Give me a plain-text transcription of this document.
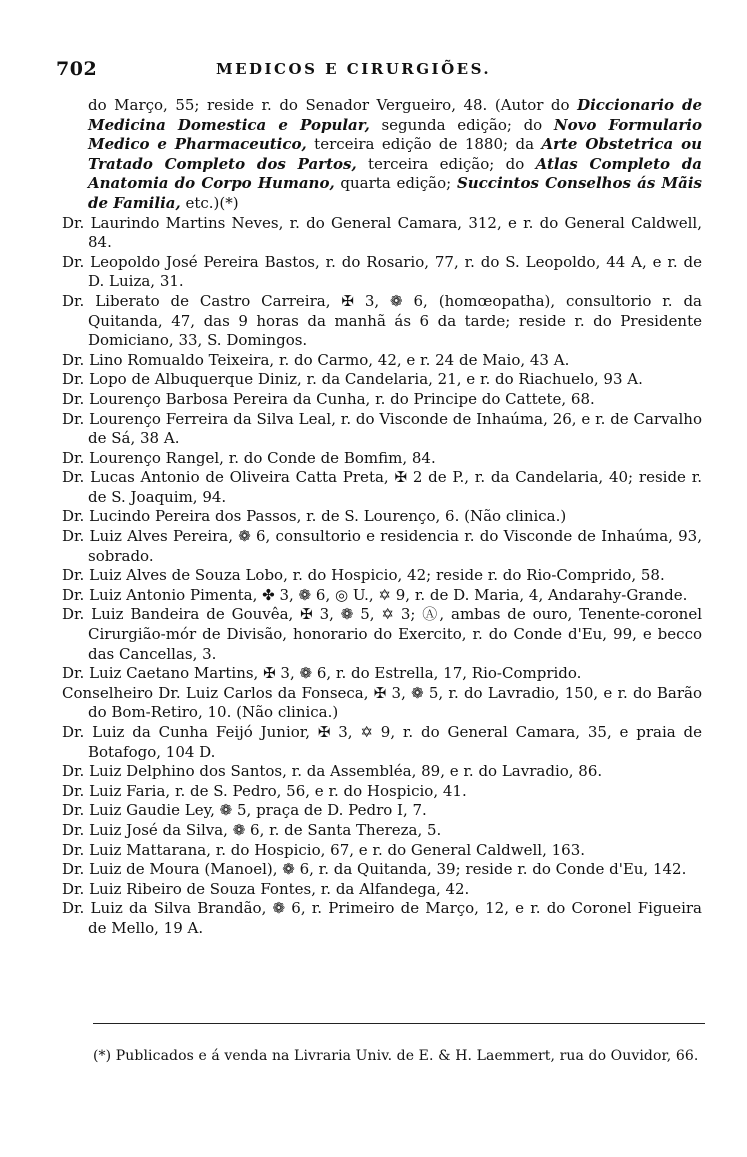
702	MEDICOS E CIRURGIÕES.

do Março, 55; reside r. do Senador Vergueiro, 48. (Autor do Diccionario de Medicina Domestica e Popular, segunda edição; do Novo Formulario Medico e Pharmaceutico, terceira edição de 1880; da Arte Obstetrica ou Tratado Completo dos Partos, terceira edição; do Atlas Completo da Anatomia do Corpo Humano, quarta edição; Succintos Conselhos ás Mãis de Familia, etc.)(*)

Dr. Laurindo Martins Neves, r. do General Camara, 312, e r. do General Caldwell, 84.

Dr. Leopoldo José Pereira Bastos, r. do Rosario, 77, r. do S. Leopoldo, 44 A, e r. de D. Luiza, 31.

Dr. Liberato de Castro Carreira, ✠ 3, ❁ 6, (homœopatha), consultorio r. da Quitanda, 47, das 9 horas da manhã ás 6 da tarde; reside r. do Presidente Domiciano, 33, S. Domingos.

Dr. Lino Romualdo Teixeira, r. do Carmo, 42, e r. 24 de Maio, 43 A.

Dr. Lopo de Albuquerque Diniz, r. da Candelaria, 21, e r. do Riachuelo, 93 A.

Dr. Lourenço Barbosa Pereira da Cunha, r. do Principe do Cattete, 68.

Dr. Lourenço Ferreira da Silva Leal, r. do Visconde de Inhaúma, 26, e r. de Carvalho de Sá, 38 A.

Dr. Lourenço Rangel, r. do Conde de Bomfim, 84.

Dr. Lucas Antonio de Oliveira Catta Preta, ✠ 2 de P., r. da Candelaria, 40; reside r. de S. Joaquim, 94.

Dr. Lucindo Pereira dos Passos, r. de S. Lourenço, 6. (Não clinica.)

Dr. Luiz Alves Pereira, ❁ 6, consultorio e residencia r. do Visconde de Inhaúma, 93, sobrado.

Dr. Luiz Alves de Souza Lobo, r. do Hospicio, 42; reside r. do Rio-Comprido, 58.

Dr. Luiz Antonio Pimenta, ✤ 3, ❁ 6, ◎ U., ✡ 9, r. de D. Maria, 4, Andarahy-Grande.

Dr. Luiz Bandeira de Gouvêa, ✠ 3, ❁ 5, ✡ 3; Ⓐ, ambas de ouro, Tenente-coronel Cirurgião-mór de Divisão, honorario do Exercito, r. do Conde d'Eu, 99, e becco das Cancellas, 3.

Dr. Luiz Caetano Martins, ✠ 3, ❁ 6, r. do Estrella, 17, Rio-Comprido.

Conselheiro Dr. Luiz Carlos da Fonseca, ✠ 3, ❁ 5, r. do Lavradio, 150, e r. do Barão do Bom-Retiro, 10. (Não clinica.)

Dr. Luiz da Cunha Feijó Junior, ✠ 3, ✡ 9, r. do General Camara, 35, e praia de Botafogo, 104 D.

Dr. Luiz Delphino dos Santos, r. da Assembléa, 89, e r. do Lavradio, 86.

Dr. Luiz Faria, r. de S. Pedro, 56, e r. do Hospicio, 41.

Dr. Luiz Gaudie Ley, ❁ 5, praça de D. Pedro I, 7.

Dr. Luiz José da Silva, ❁ 6, r. de Santa Thereza, 5.

Dr. Luiz Mattarana, r. do Hospicio, 67, e r. do General Caldwell, 163.

Dr. Luiz de Moura (Manoel), ❁ 6, r. da Quitanda, 39; reside r. do Conde d'Eu, 142.

Dr. Luiz Ribeiro de Souza Fontes, r. da Alfandega, 42.

Dr. Luiz da Silva Brandão, ❁ 6, r. Primeiro de Março, 12, e r. do Coronel Figueira de Mello, 19 A.

(*) Publicados e á venda na Livraria Univ. de E. & H. Laemmert, rua do Ouvidor, 66.
